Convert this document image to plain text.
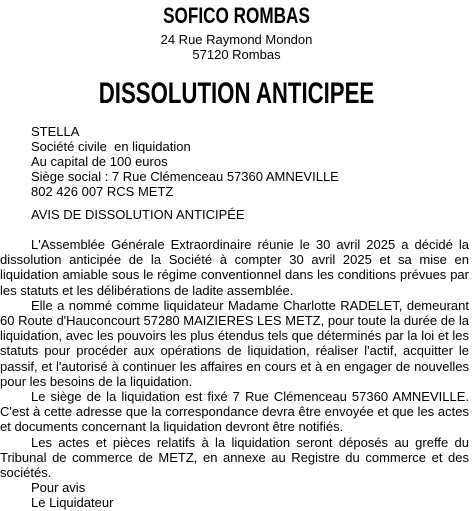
SOFICO ROMBAS
24 Rue Raymond Mondon
57120 Rombas
DISSOLUTION ANTICIPEE
STELLA
Société civile  en liquidation
Au capital de 100 euros
Siège social : 7 Rue Clémenceau 57360 AMNEVILLE
802 426 007 RCS METZ
AVIS DE DISSOLUTION ANTICIPÉE

L'Assemblée Générale Extraordinaire réunie le 30 avril 2025 a décidé la dissolution anticipée de la Société à compter 30 avril 2025 et sa mise en liquidation amiable sous le régime conventionnel dans les conditions prévues par les statuts et les délibérations de ladite assemblée.

Elle a nommé comme liquidateur Madame Charlotte RADELET, demeurant 60 Route d'Hauconcourt 57280 MAIZIERES LES METZ, pour toute la durée de la liquidation, avec les pouvoirs les plus étendus tels que déterminés par la loi et les statuts pour procéder aux opérations de liquidation, réaliser l'actif, acquitter le passif, et l'autorisé à continuer les affaires en cours et à en engager de nouvelles pour les besoins de la liquidation.

Le siège de la liquidation est fixé 7 Rue Clémenceau 57360 AMNEVILLE. C'est à cette adresse que la correspondance devra être envoyée et que les actes et documents concernant la liquidation devront être notifiés.

Les actes et pièces relatifs à la liquidation seront déposés au greffe du Tribunal de commerce de METZ, en annexe au Registre du commerce et des sociétés.

Pour avis
Le Liquidateur
